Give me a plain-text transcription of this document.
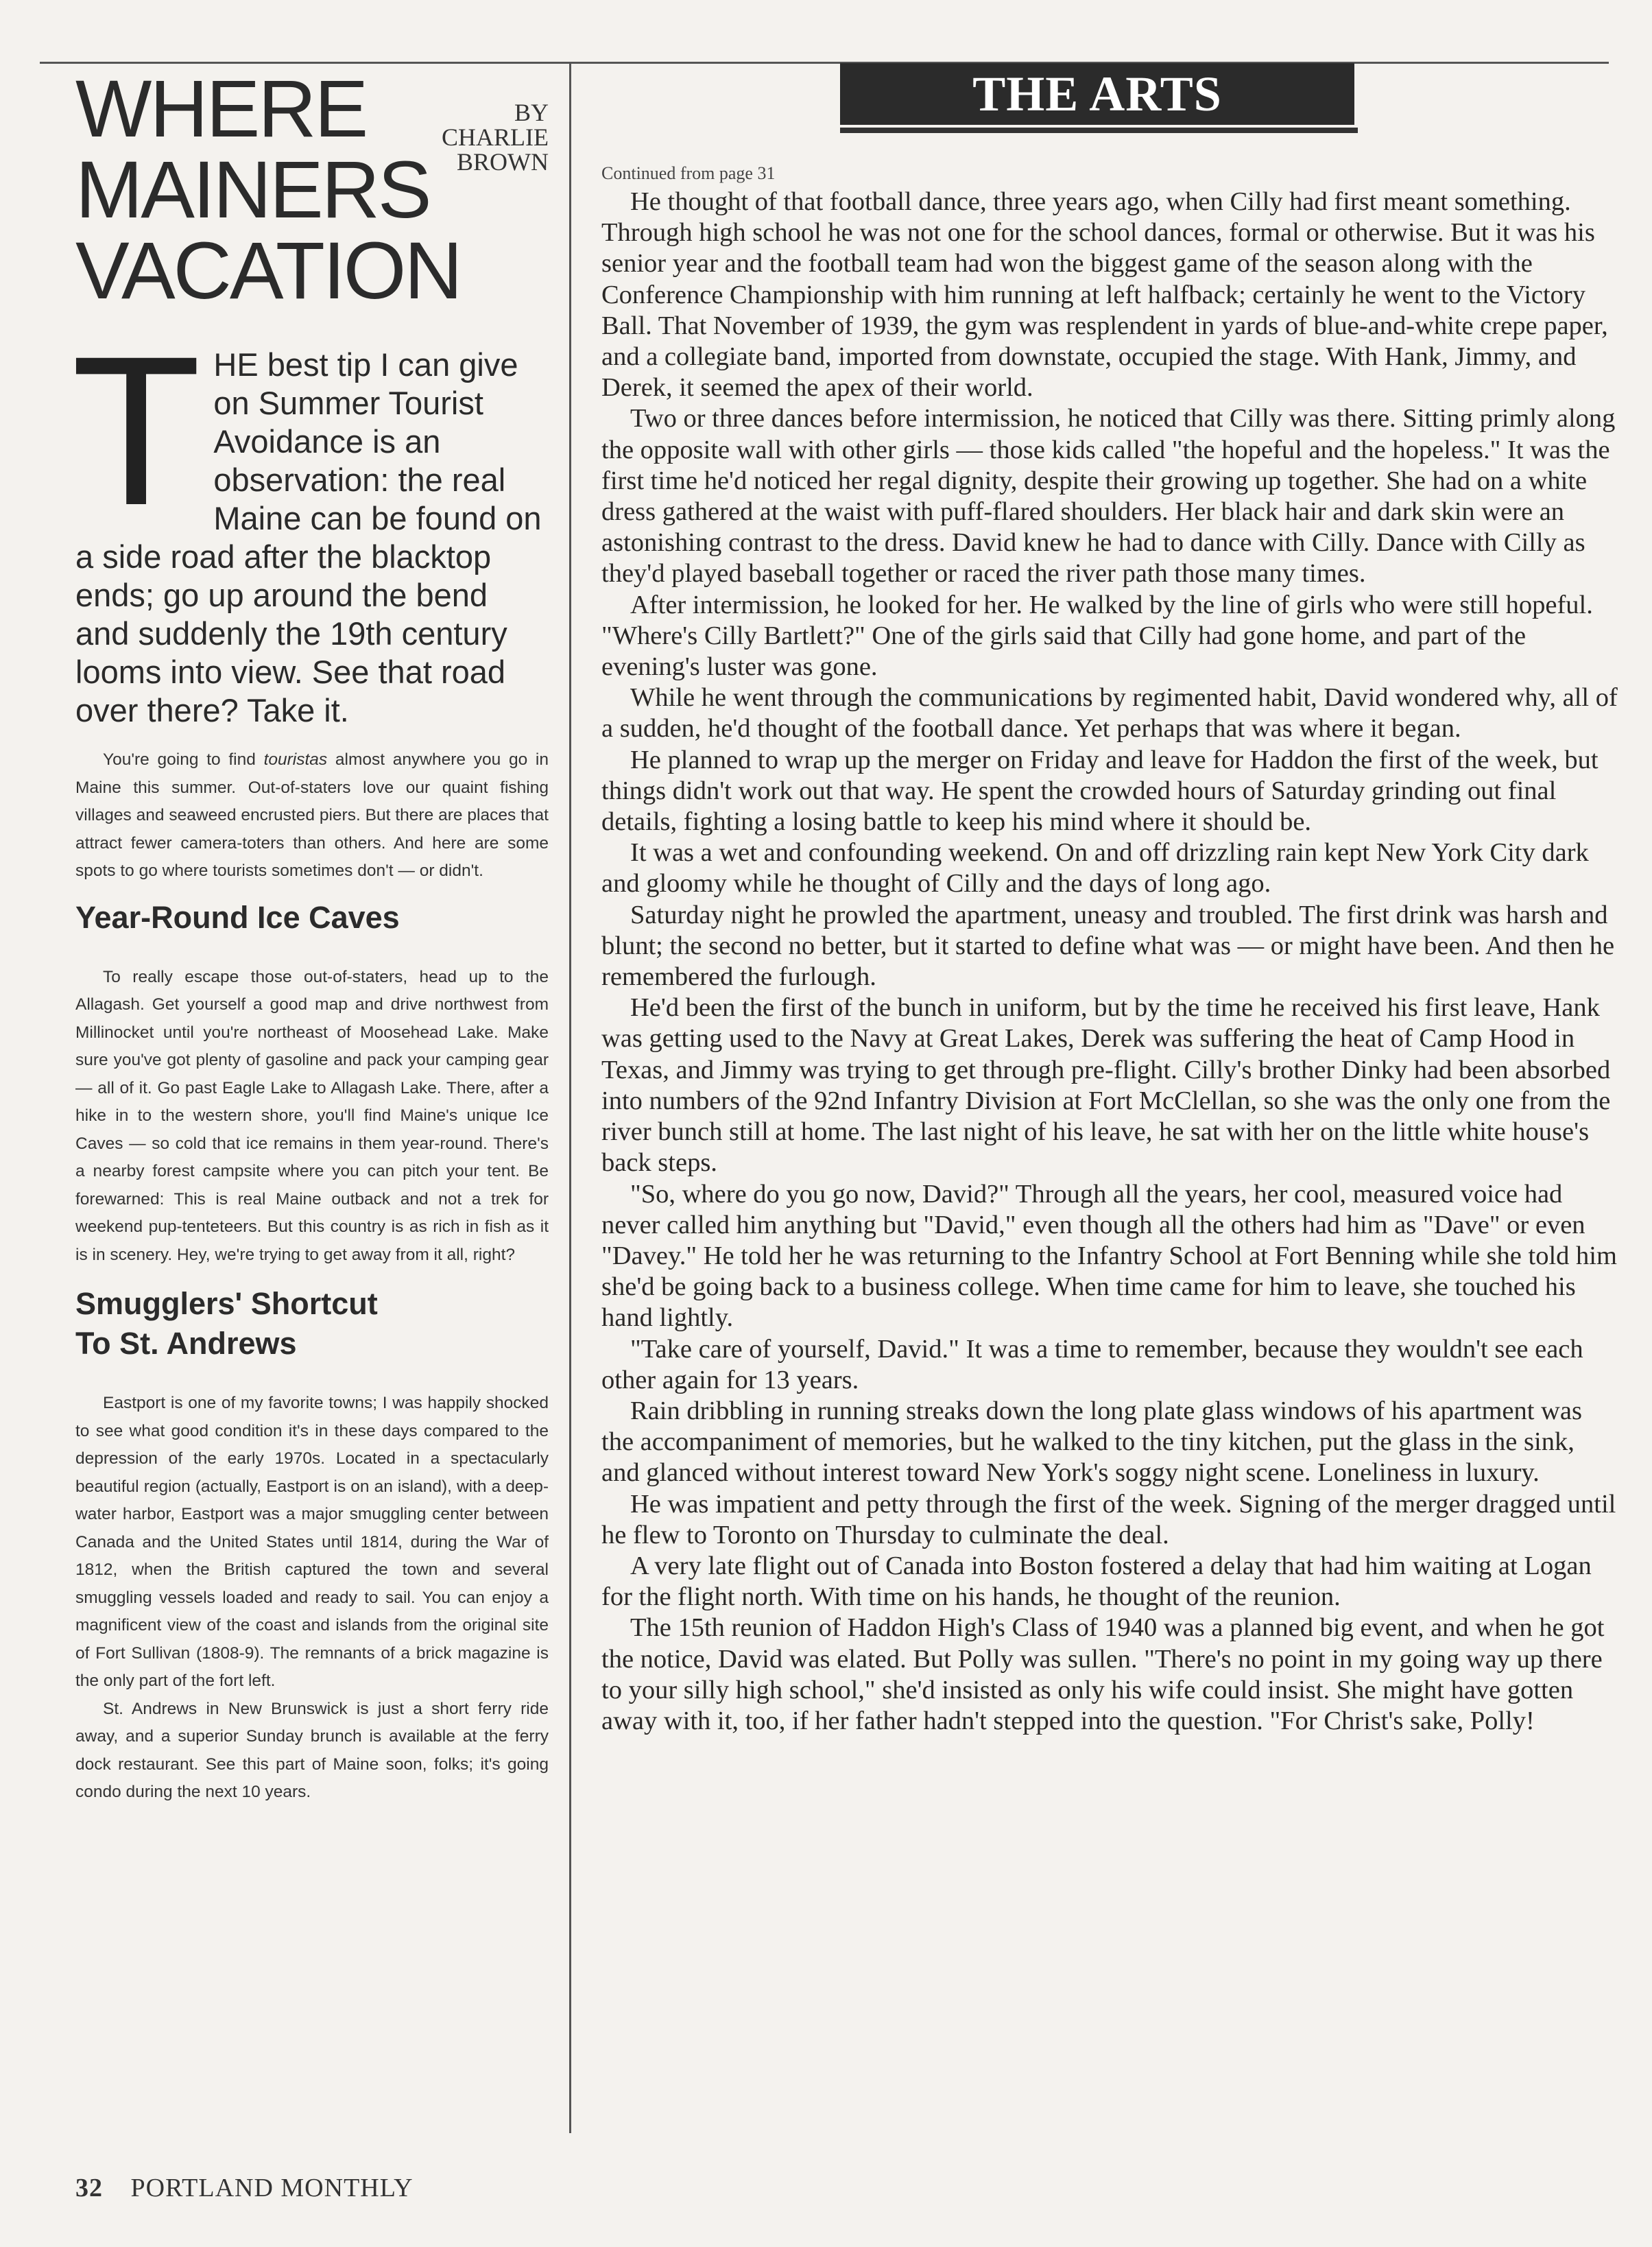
WHERE
MAINERS
VACATION
BY
CHARLIE
BROWN
T HE best tip I can give on Summer Tourist Avoidance is an observation: the real Maine can be found on a side road after the blacktop ends; go up around the bend and suddenly the 19th century looms into view. See that road over there? Take it.

You're going to find touristas almost anywhere you go in Maine this summer. Out-of-staters love our quaint fishing villages and seaweed encrusted piers. But there are places that attract fewer camera-toters than others. And here are some spots to go where tourists sometimes don't — or didn't.

Year-Round Ice Caves

To really escape those out-of-staters, head up to the Allagash. Get yourself a good map and drive northwest from Millinocket until you're northeast of Moosehead Lake. Make sure you've got plenty of gasoline and pack your camping gear — all of it. Go past Eagle Lake to Allagash Lake. There, after a hike in to the western shore, you'll find Maine's unique Ice Caves — so cold that ice remains in them year-round. There's a nearby forest campsite where you can pitch your tent. Be forewarned: This is real Maine outback and not a trek for weekend pup-tenteteers. But this country is as rich in fish as it is in scenery. Hey, we're trying to get away from it all, right?

Smugglers' Shortcut
To St. Andrews

Eastport is one of my favorite towns; I was happily shocked to see what good condition it's in these days compared to the depression of the early 1970s. Located in a spectacularly beautiful region (actually, Eastport is on an island), with a deep-water harbor, Eastport was a major smuggling center between Canada and the United States until 1814, during the War of 1812, when the British captured the town and several smuggling vessels loaded and ready to sail. You can enjoy a magnificent view of the coast and islands from the original site of Fort Sullivan (1808-9). The remnants of a brick magazine is the only part of the fort left.

St. Andrews in New Brunswick is just a short ferry ride away, and a superior Sunday brunch is available at the ferry dock restaurant. See this part of Maine soon, folks; it's going condo during the next 10 years.

THE ARTS

Continued from page 31

He thought of that football dance, three years ago, when Cilly had first meant something. Through high school he was not one for the school dances, formal or otherwise. But it was his senior year and the football team had won the biggest game of the season along with the Conference Championship with him running at left halfback; certainly he went to the Victory Ball. That November of 1939, the gym was resplendent in yards of blue-and-white crepe paper, and a collegiate band, imported from downstate, occupied the stage. With Hank, Jimmy, and Derek, it seemed the apex of their world.

Two or three dances before intermission, he noticed that Cilly was there. Sitting primly along the opposite wall with other girls — those kids called "the hopeful and the hopeless." It was the first time he'd noticed her regal dignity, despite their growing up together. She had on a white dress gathered at the waist with puff-flared shoulders. Her black hair and dark skin were an astonishing contrast to the dress. David knew he had to dance with Cilly. Dance with Cilly as they'd played baseball together or raced the river path those many times.

After intermission, he looked for her. He walked by the line of girls who were still hopeful. "Where's Cilly Bartlett?" One of the girls said that Cilly had gone home, and part of the evening's luster was gone.

While he went through the communications by regimented habit, David wondered why, all of a sudden, he'd thought of the football dance. Yet perhaps that was where it began.

He planned to wrap up the merger on Friday and leave for Haddon the first of the week, but things didn't work out that way. He spent the crowded hours of Saturday grinding out final details, fighting a losing battle to keep his mind where it should be.

It was a wet and confounding weekend. On and off drizzling rain kept New York City dark and gloomy while he thought of Cilly and the days of long ago.

Saturday night he prowled the apartment, uneasy and troubled. The first drink was harsh and blunt; the second no better, but it started to define what was — or might have been. And then he remembered the furlough.

He'd been the first of the bunch in uniform, but by the time he received his first leave, Hank was getting used to the Navy at Great Lakes, Derek was suffering the heat of Camp Hood in Texas, and Jimmy was trying to get through pre-flight. Cilly's brother Dinky had been absorbed into numbers of the 92nd Infantry Division at Fort McClellan, so she was the only one from the river bunch still at home. The last night of his leave, he sat with her on the little white house's back steps.

"So, where do you go now, David?" Through all the years, her cool, measured voice had never called him anything but "David," even though all the others had him as "Dave" or even "Davey." He told her he was returning to the Infantry School at Fort Benning while she told him she'd be going back to a business college. When time came for him to leave, she touched his hand lightly.

"Take care of yourself, David." It was a time to remember, because they wouldn't see each other again for 13 years.

Rain dribbling in running streaks down the long plate glass windows of his apartment was the accompaniment of memories, but he walked to the tiny kitchen, put the glass in the sink, and glanced without interest toward New York's soggy night scene. Loneliness in luxury.

He was impatient and petty through the first of the week. Signing of the merger dragged until he flew to Toronto on Thursday to culminate the deal.

A very late flight out of Canada into Boston fostered a delay that had him waiting at Logan for the flight north. With time on his hands, he thought of the reunion.

The 15th reunion of Haddon High's Class of 1940 was a planned big event, and when he got the notice, David was elated. But Polly was sullen. "There's no point in my going way up there to your silly high school," she'd insisted as only his wife could insist. She might have gotten away with it, too, if her father hadn't stepped into the question. "For Christ's sake, Polly!

32 PORTLAND MONTHLY
